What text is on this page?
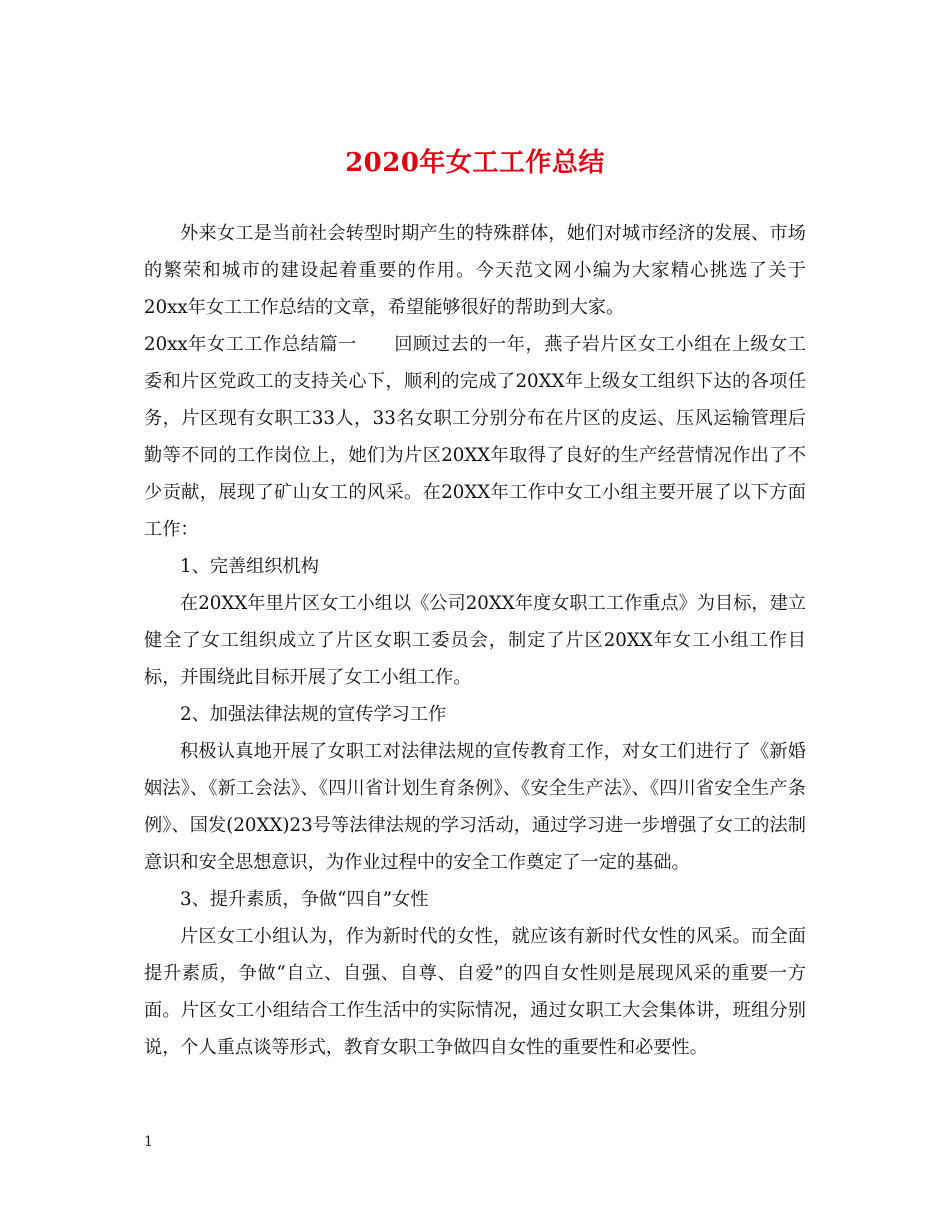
2020年女工工作总结

外来女工是当前社会转型时期产生的特殊群体，她们对城市经济的发展、市场的繁荣和城市的建设起着重要的作用。今天范文网小编为大家精心挑选了关于20xx年女工工作总结的文章，希望能够很好的帮助到大家。

20xx年女工工作总结篇一　　回顾过去的一年，燕子岩片区女工小组在上级女工委和片区党政工的支持关心下，顺利的完成了20XX年上级女工组织下达的各项任务，片区现有女职工33人，33名女职工分别分布在片区的皮运、压风运输管理后勤等不同的工作岗位上，她们为片区20XX年取得了良好的生产经营情况作出了不少贡献，展现了矿山女工的风采。在20XX年工作中女工小组主要开展了以下方面工作：

1、完善组织机构

在20XX年里片区女工小组以《公司20XX年度女职工工作重点》为目标，建立健全了女工组织成立了片区女职工委员会，制定了片区20XX年女工小组工作目标，并围绕此目标开展了女工小组工作。

2、加强法律法规的宣传学习工作

积极认真地开展了女职工对法律法规的宣传教育工作，对女工们进行了《新婚姻法》、《新工会法》、《四川省计划生育条例》、《安全生产法》、《四川省安全生产条例》、国发(20XX)23号等法律法规的学习活动，通过学习进一步增强了女工的法制意识和安全思想意识，为作业过程中的安全工作奠定了一定的基础。

3、提升素质，争做“四自”女性

片区女工小组认为，作为新时代的女性，就应该有新时代女性的风采。而全面提升素质，争做“自立、自强、自尊、自爱”的四自女性则是展现风采的重要一方面。片区女工小组结合工作生活中的实际情况，通过女职工大会集体讲，班组分别说，个人重点谈等形式，教育女职工争做四自女性的重要性和必要性。

1
